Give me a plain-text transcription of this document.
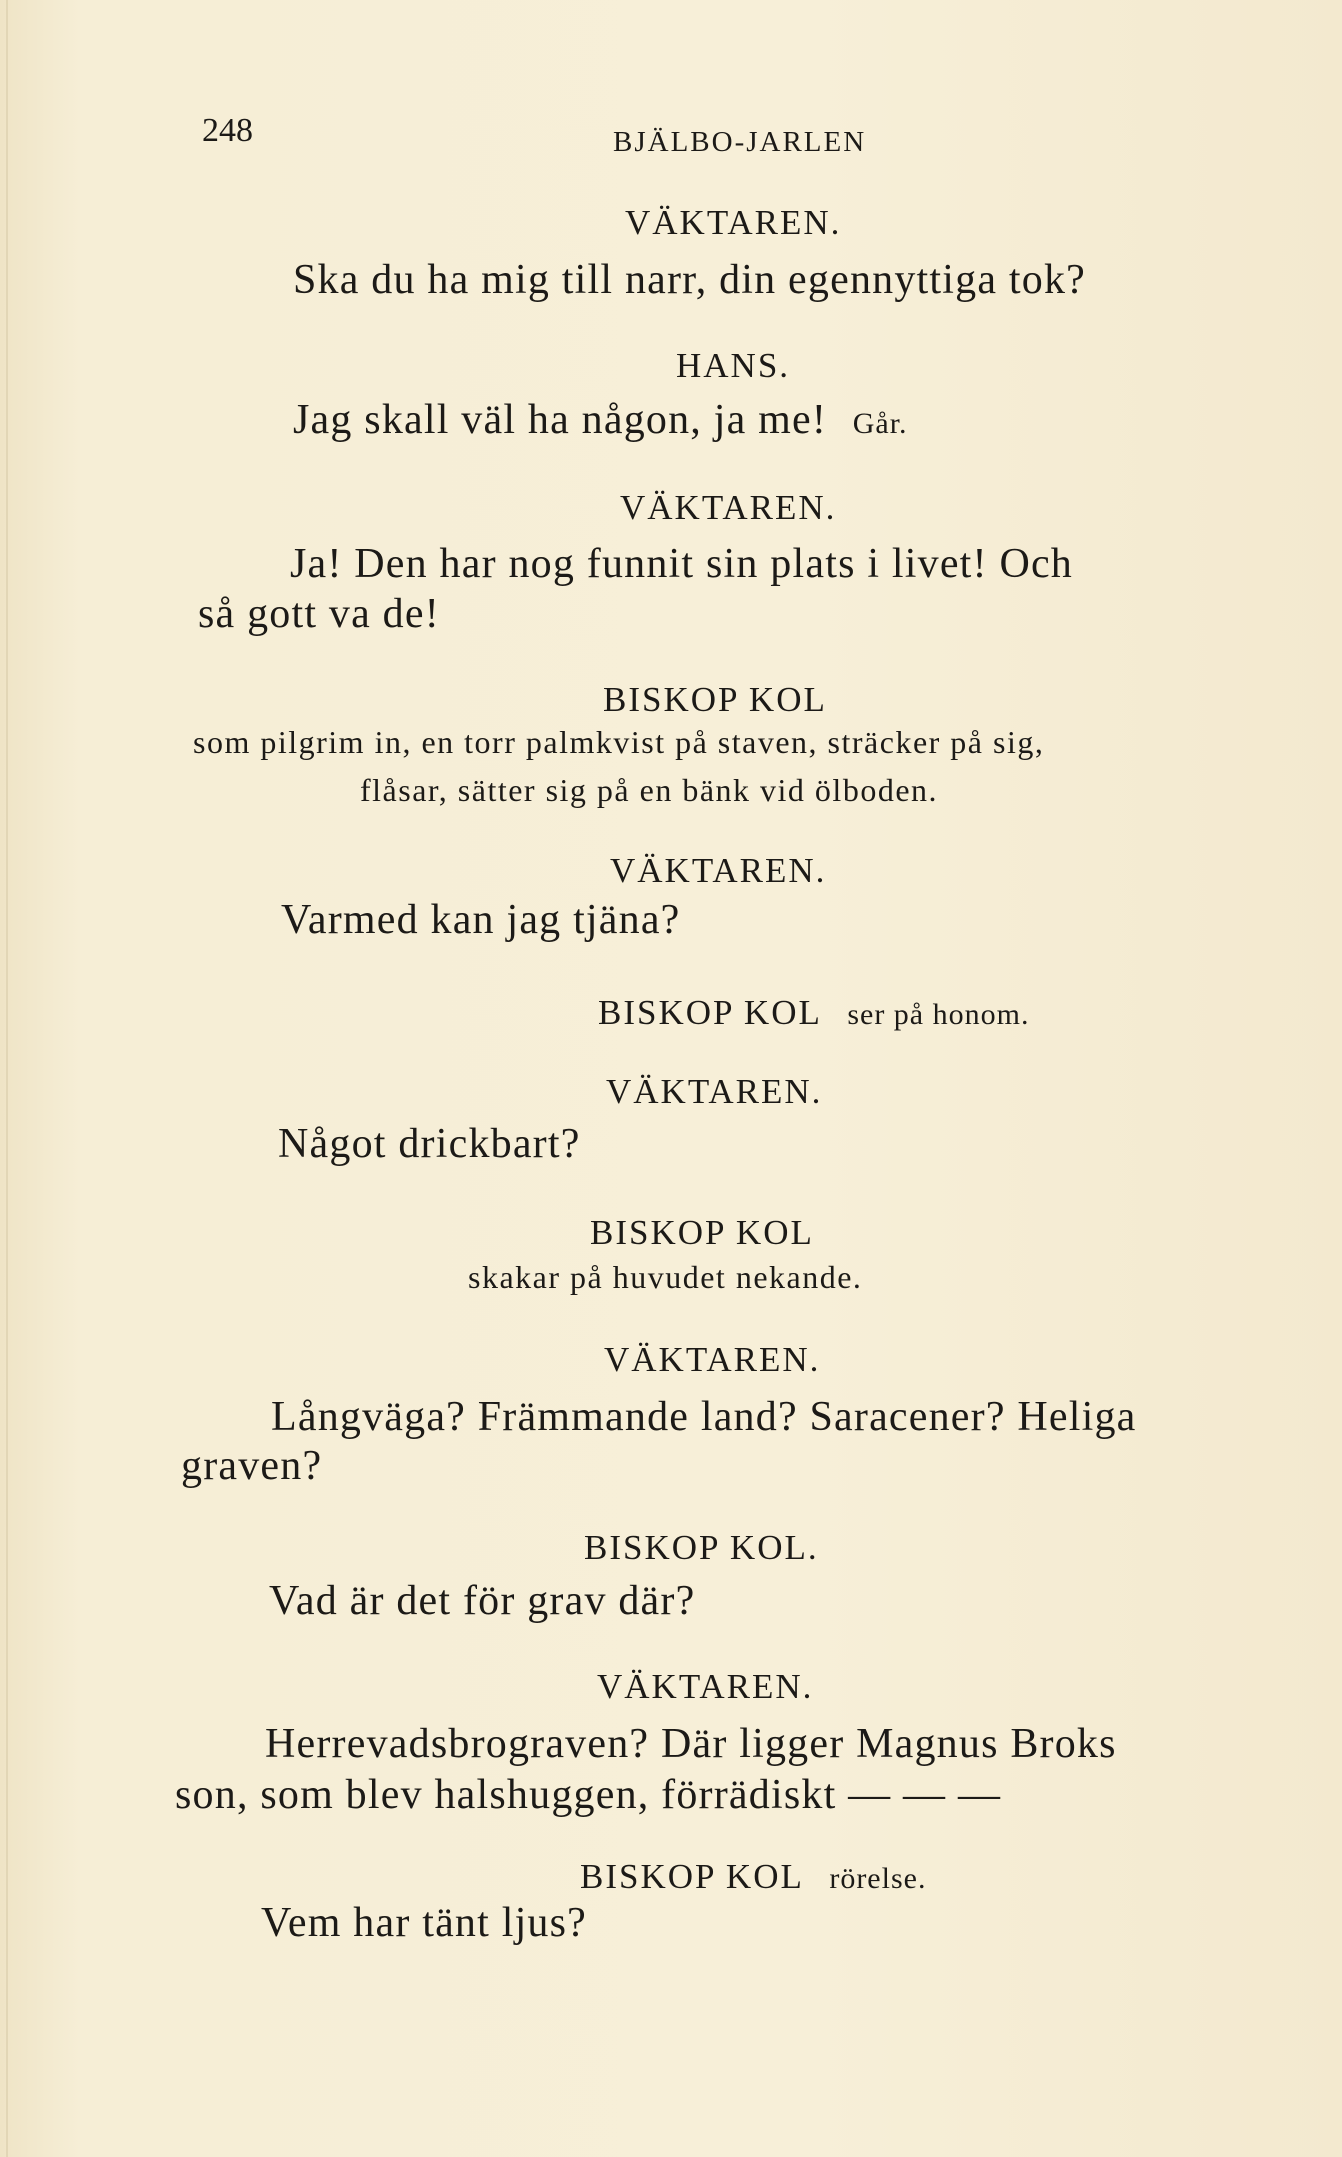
248	BJÄLBO-JARLEN
VÄKTAREN.
Ska du ha mig till narr, din egennyttiga tok?
HANS.
Jag skall väl ha någon, ja me! Går.
VÄKTAREN.
Ja! Den har nog funnit sin plats i livet! Och
så gott va de!
BISKOP KOL
som pilgrim in, en torr palmkvist på staven, sträcker på sig,
flåsar, sätter sig på en bänk vid ölboden.
VÄKTAREN.
Varmed kan jag tjäna?
BISKOP KOL ser på honom.
VÄKTAREN.
Något drickbart?
BISKOP KOL
skakar på huvudet nekande.
VÄKTAREN.
Långväga? Främmande land? Saracener? Heliga
graven?
BISKOP KOL.
Vad är det för grav där?
VÄKTAREN.
Herrevadsbrograven? Där ligger Magnus Broks
son, som blev halshuggen, förrädiskt — — —
BISKOP KOL rörelse.
Vem har tänt ljus?
